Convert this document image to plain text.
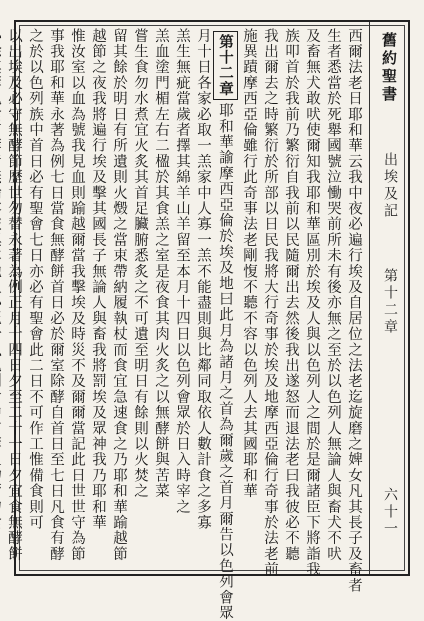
舊約聖書
出埃及記
第十二章
六十一
西爾法老日耶和華云我中夜必遍行埃及自居位之法老迄旋磨之婢女凡其長子及畜者
生者悉當於死舉國號泣慟哭前所未有後亦無之至於以色列人無論人與畜犬不吠
及畜無犬敢吠使爾知我耶和華區別於埃及人與以色列人之間於是爾諸臣下將詣我
族叩首於我前乃繁衍自我前以民隨爾出去然後我出遂怒而退法老曰我彼必不聽
我出爾去之時繁衍於所部以日民我將大行奇事於埃及地摩西亞倫行奇事於法老前
施異蹟摩西亞倫雖行此奇事法老剛愎不聽不容以色列人去其國耶和華
第十二章耶和華諭摩西亞倫於埃及地曰此月為諸月之首為爾歲之首月爾告以色列會眾
月十日各家必取一羔家中人寡一羔不能盡則與比鄰同取依人數計食之多寡
羔生無疵當歲者擇其綿羊山羊留至本月十四日以色列會眾於日入時宰之
羔血塗門楣左右二楹於其食羔之室是夜食其肉火炙之以無酵餅與苦菜
嘗生食勿水煮宜火炙其首足臟腑悉炙之不可遺至明日有餘則以火焚之
留其餘於明日有所遺則火燬之當束帶納履執杖而食宜急速食之乃耶和華踰越節
越節之夜我將遍行埃及擊其國長子無論人與畜我將罰埃及眾神我乃耶和華
惟汝室以血為號我見血則踰越爾當我擊埃及時災不及爾爾當記此日世世守為節
事我耶和華永著為例七日當食無酵餅首日必於爾室除酵自首日至七日凡食有酵
之於以色列族中首日必有聖會七日亦必有聖會此二日不可作工惟備食則可
以出埃及必守無酵節歷世勿替永著為例正月十四日夕至二十一日夕宜食無酵餅
